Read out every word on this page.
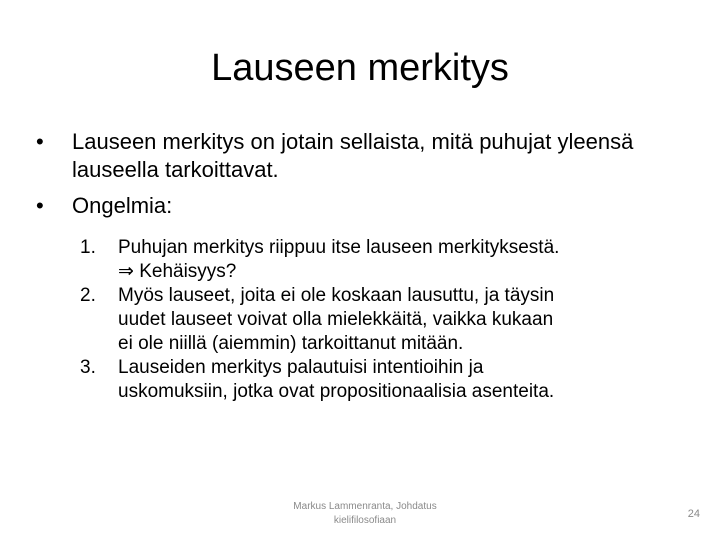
Lauseen merkitys
• Lauseen merkitys on jotain sellaista, mitä puhujat yleensä lauseella tarkoittavat.
• Ongelmia:
1. Puhujan merkitys riippuu itse lauseen merkityksestä.
⇒ Kehäisyys?
2. Myös lauseet, joita ei ole koskaan lausuttu, ja täysin
uudet lauseet voivat olla mielekkäitä, vaikka kukaan
ei ole niillä (aiemmin) tarkoittanut mitään.
3. Lauseiden merkitys palautuisi intentioihin ja
uskomuksiin, jotka ovat propositionaalisia asenteita.
Markus Lammenranta, Johdatus
kielifilosofiaan
24
